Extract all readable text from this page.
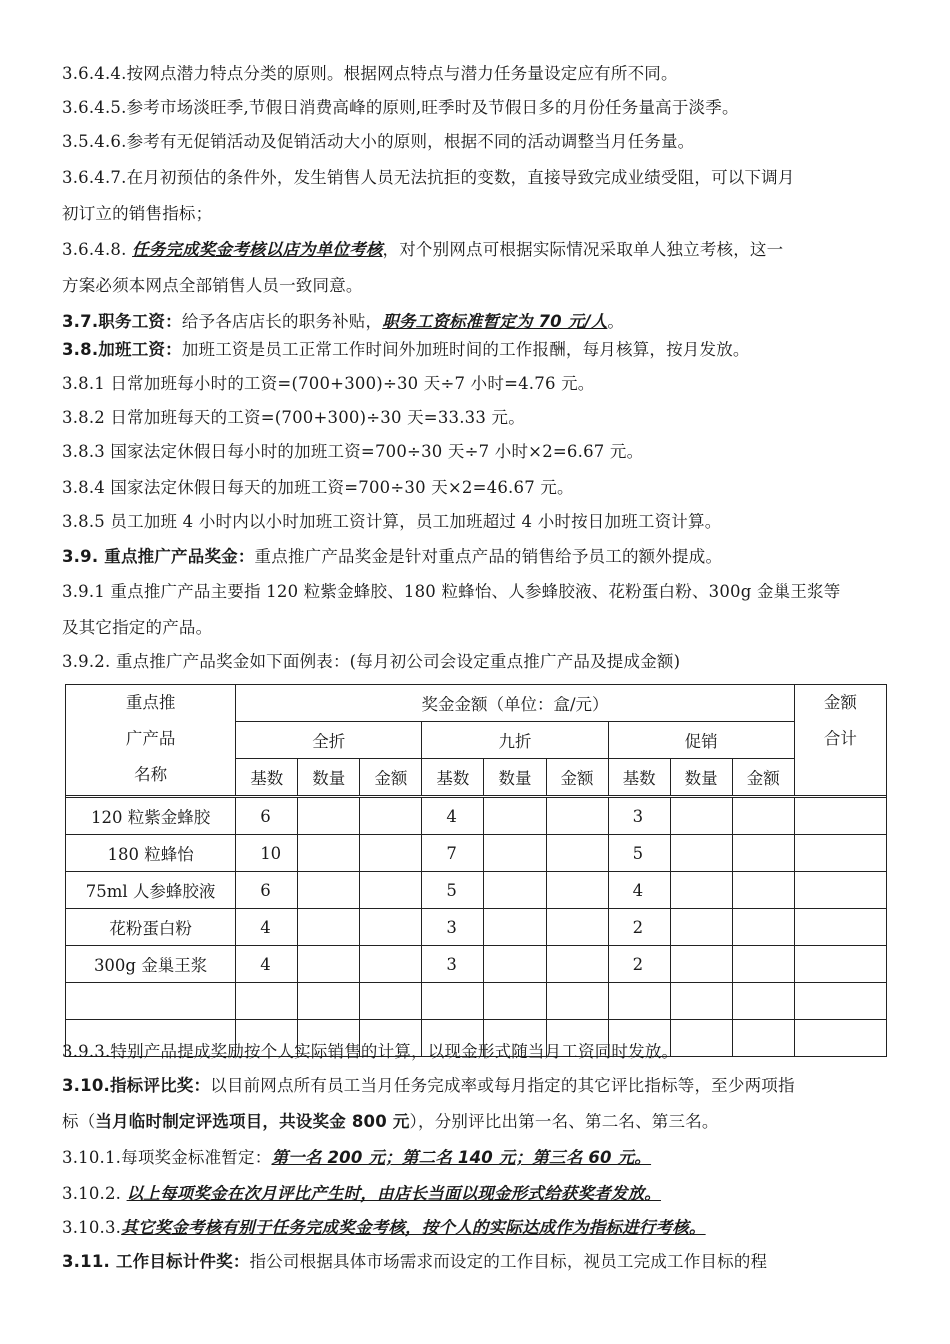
3.6.4.4.按网点潜力特点分类的原则。根据网点特点与潜力任务量设定应有所不同。
3.6.4.5.参考市场淡旺季,节假日消费高峰的原则,旺季时及节假日多的月份任务量高于淡季。
3.5.4.6.参考有无促销活动及促销活动大小的原则，根据不同的活动调整当月任务量。
3.6.4.7.在月初预估的条件外，发生销售人员无法抗拒的变数，直接导致完成业绩受阻，可以下调月
初订立的销售指标；
3.6.4.8. 任务完成奖金考核以店为单位考核，对个别网点可根据实际情况采取单人独立考核，这一
方案必须本网点全部销售人员一致同意。
3.7.职务工资：给予各店店长的职务补贴，职务工资标准暂定为 70 元/人。
3.8.加班工资：加班工资是员工正常工作时间外加班时间的工作报酬，每月核算，按月发放。
3.8.1 日常加班每小时的工资=(700+300)÷30 天÷7 小时=4.76 元。
3.8.2 日常加班每天的工资=(700+300)÷30 天=33.33 元。
3.8.3 国家法定休假日每小时的加班工资=700÷30 天÷7 小时×2=6.67 元。
3.8.4 国家法定休假日每天的加班工资=700÷30 天×2=46.67 元。
3.8.5 员工加班 4 小时内以小时加班工资计算，员工加班超过 4 小时按日加班工资计算。
3.9. 重点推广产品奖金：重点推广产品奖金是针对重点产品的销售给予员工的额外提成。
3.9.1 重点推广产品主要指 120 粒紫金蜂胶、180 粒蜂怡、人参蜂胶液、花粉蛋白粉、300g 金巢王浆等
及其它指定的产品。
3.9.2. 重点推广产品奖金如下面例表：(每月初公司会设定重点推广产品及提成金额)
重点推
广产品
名称	奖金金额（单位：盒/元）									金额
合计

	全折			九折			促销			
	基数	数量	金额	基数	数量	金额	基数	数量	金额	

120 粒紫金蜂胶	6			4			3			
180 粒蜂怡	10			7			5			
75ml 人参蜂胶液	6			5			4			
花粉蛋白粉	4			3			2			
300g 金巢王浆	4			3			2			

3.9.3.特别产品提成奖励按个人实际销售的计算，以现金形式随当月工资同时发放。
3.10.指标评比奖：以目前网点所有员工当月任务完成率或每月指定的其它评比指标等，至少两项指
标（当月临时制定评选项目，共设奖金 800 元），分别评比出第一名、第二名、第三名。
3.10.1.每项奖金标准暂定：第一名 200 元；第二名 140 元；第三名 60 元。
3.10.2. 以上每项奖金在次月评比产生时，由店长当面以现金形式给获奖者发放。
3.10.3.其它奖金考核有别于任务完成奖金考核，按个人的实际达成作为指标进行考核。
3.11. 工作目标计件奖：指公司根据具体市场需求而设定的工作目标，视员工完成工作目标的程
